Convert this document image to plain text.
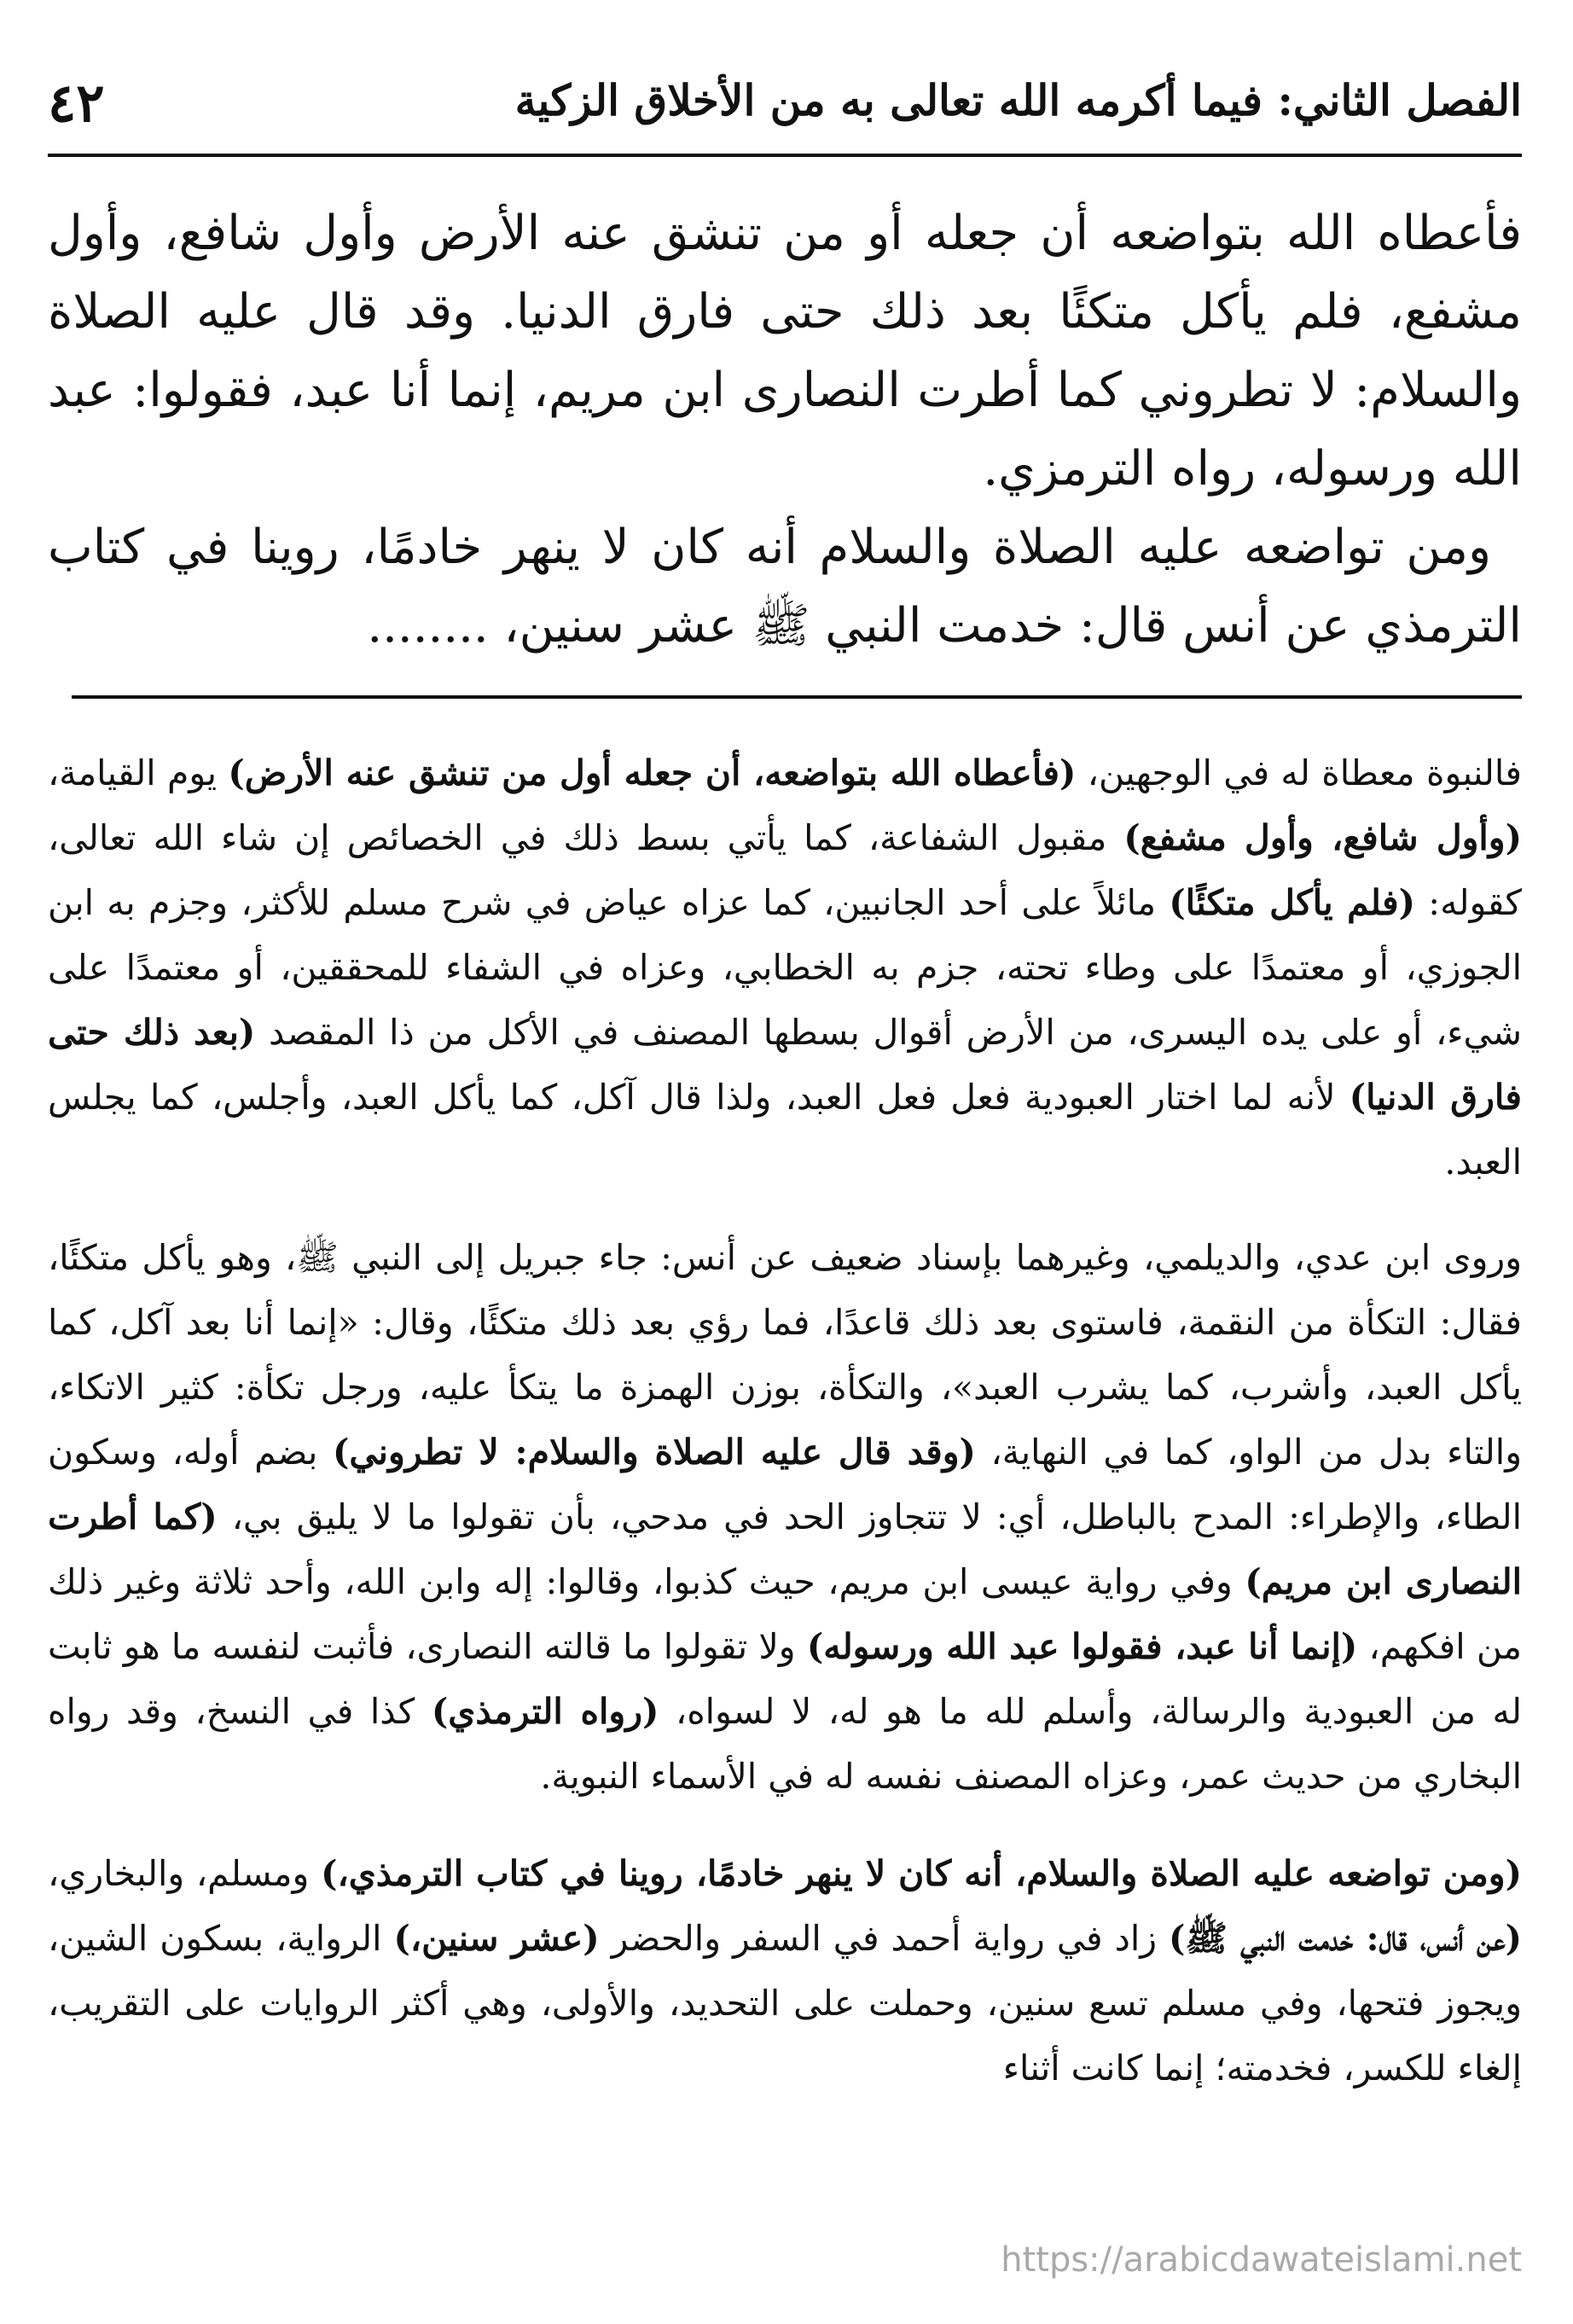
الفصل الثاني: فيما أكرمه الله تعالى به من الأخلاق الزكية
٤٢

فأعطاه الله بتواضعه أن جعله أو من تنشق عنه الأرض وأول شافع، وأول مشفع، فلم يأكل متكئًا بعد ذلك حتى فارق الدنيا. وقد قال عليه الصلاة والسلام: لا تطروني كما أطرت النصارى ابن مريم، إنما أنا عبد، فقولوا: عبد الله ورسوله، رواه الترمزي.

ومن تواضعه عليه الصلاة والسلام أنه كان لا ينهر خادمًا، روينا في كتاب الترمذي عن أنس قال: خدمت النبي ﷺ عشر سنين، ........

فالنبوة معطاة له في الوجهين، (فأعطاه الله بتواضعه، أن جعله أول من تنشق عنه الأرض) يوم القيامة، (وأول شافع، وأول مشفع) مقبول الشفاعة، كما يأتي بسط ذلك في الخصائص إن شاء الله تعالى، كقوله: (فلم يأكل متكئًا) مائلاً على أحد الجانبين، كما عزاه عياض في شرح مسلم للأكثر، وجزم به ابن الجوزي، أو معتمدًا على وطاء تحته، جزم به الخطابي، وعزاه في الشفاء للمحققين، أو معتمدًا على شيء، أو على يده اليسرى، من الأرض أقوال بسطها المصنف في الأكل من ذا المقصد (بعد ذلك حتى فارق الدنيا) لأنه لما اختار العبودية فعل فعل العبد، ولذا قال آكل، كما يأكل العبد، وأجلس، كما يجلس العبد.

وروى ابن عدي، والديلمي، وغيرهما بإسناد ضعيف عن أنس: جاء جبريل إلى النبي ﷺ، وهو يأكل متكئًا، فقال: التكأة من النقمة، فاستوى بعد ذلك قاعدًا، فما رؤي بعد ذلك متكئًا، وقال: «إنما أنا بعد آكل، كما يأكل العبد، وأشرب، كما يشرب العبد»، والتكأة، بوزن الهمزة ما يتكأ عليه، ورجل تكأة: كثير الاتكاء، والتاء بدل من الواو، كما في النهاية، (وقد قال عليه الصلاة والسلام: لا تطروني) بضم أوله، وسكون الطاء، والإطراء: المدح بالباطل، أي: لا تتجاوز الحد في مدحي، بأن تقولوا ما لا يليق بي، (كما أطرت النصارى ابن مريم) وفي رواية عيسى ابن مريم، حيث كذبوا، وقالوا: إله وابن الله، وأحد ثلاثة وغير ذلك من افكهم، (إنما أنا عبد، فقولوا عبد الله ورسوله) ولا تقولوا ما قالته النصارى، فأثبت لنفسه ما هو ثابت له من العبودية والرسالة، وأسلم لله ما هو له، لا لسواه، (رواه الترمذي) كذا في النسخ، وقد رواه البخاري من حديث عمر، وعزاه المصنف نفسه له في الأسماء النبوية.

(ومن تواضعه عليه الصلاة والسلام، أنه كان لا ينهر خادمًا، روينا في كتاب الترمذي،) ومسلم، والبخاري، (عن أنس، قال: خدمت النبي ﷺ) زاد في رواية أحمد في السفر والحضر (عشر سنين،) الرواية، بسكون الشين، ويجوز فتحها، وفي مسلم تسع سنين، وحملت على التحديد، والأولى، وهي أكثر الروايات على التقريب، إلغاء للكسر، فخدمته؛ إنما كانت أثناء

https://arabicdawateislami.net
